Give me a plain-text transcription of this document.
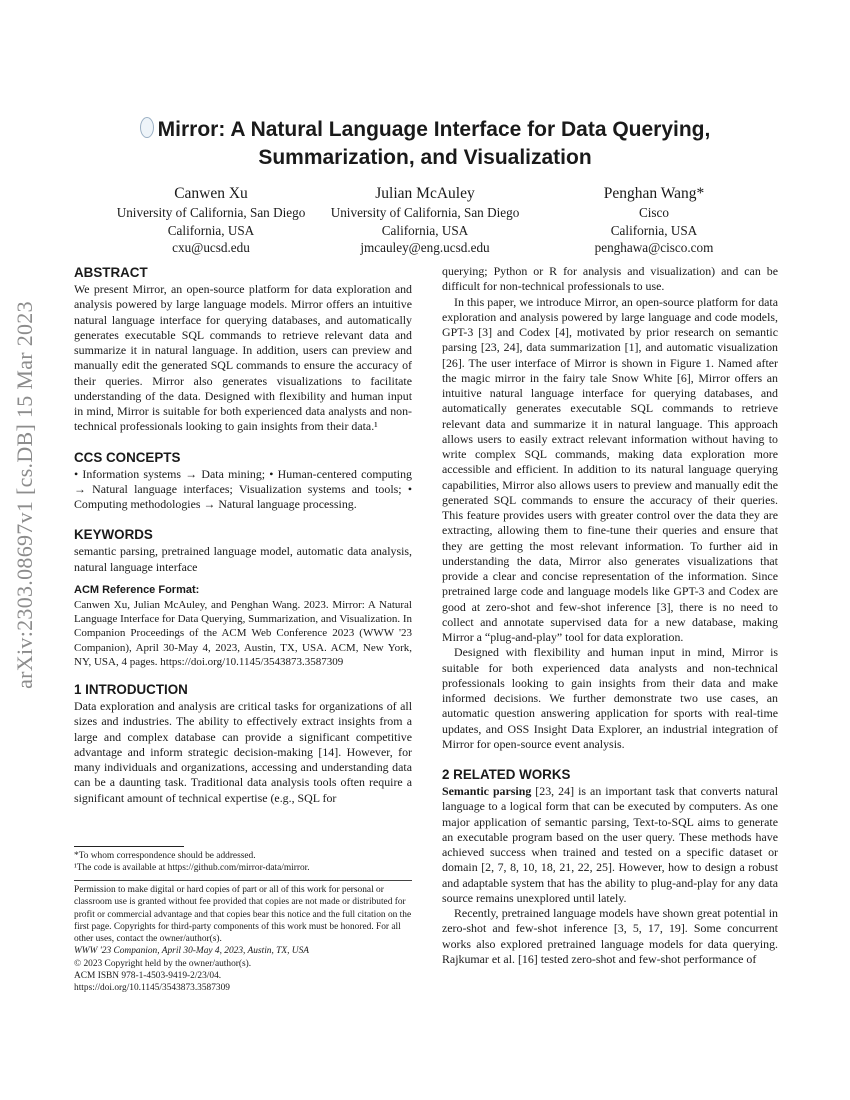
arXiv:2303.08697v1 [cs.DB] 15 Mar 2023
Mirror: A Natural Language Interface for Data Querying,
Summarization, and Visualization
Canwen Xu
University of California, San Diego
California, USA
cxu@ucsd.edu
Julian McAuley
University of California, San Diego
California, USA
jmcauley@eng.ucsd.edu
Penghan Wang*
Cisco
California, USA
penghawa@cisco.com
ABSTRACT

We present Mirror, an open-source platform for data exploration and analysis powered by large language models. Mirror offers an intuitive natural language interface for querying databases, and automatically generates executable SQL commands to retrieve relevant data and summarize it in natural language. In addition, users can preview and manually edit the generated SQL commands to ensure the accuracy of their queries. Mirror also generates visualizations to facilitate understanding of the data. Designed with flexibility and human input in mind, Mirror is suitable for both experienced data analysts and non-technical professionals looking to gain insights from their data.¹

CCS CONCEPTS

• Information systems → Data mining; • Human-centered computing → Natural language interfaces; Visualization systems and tools; • Computing methodologies → Natural language processing.

KEYWORDS

semantic parsing, pretrained language model, automatic data analysis, natural language interface

ACM Reference Format:

Canwen Xu, Julian McAuley, and Penghan Wang. 2023. Mirror: A Natural Language Interface for Data Querying, Summarization, and Visualization. In Companion Proceedings of the ACM Web Conference 2023 (WWW '23 Companion), April 30-May 4, 2023, Austin, TX, USA. ACM, New York, NY, USA, 4 pages. https://doi.org/10.1145/3543873.3587309

1 INTRODUCTION

Data exploration and analysis are critical tasks for organizations of all sizes and industries. The ability to effectively extract insights from a large and complex database can provide a significant competitive advantage and inform strategic decision-making [14]. However, for many individuals and organizations, accessing and understanding data can be a daunting task. Traditional data analysis tools often require a significant amount of technical expertise (e.g., SQL for

*To whom correspondence should be addressed.
¹The code is available at https://github.com/mirror-data/mirror.

Permission to make digital or hard copies of part or all of this work for personal or classroom use is granted without fee provided that copies are not made or distributed for profit or commercial advantage and that copies bear this notice and the full citation on the first page. Copyrights for third-party components of this work must be honored. For all other uses, contact the owner/author(s).

WWW '23 Companion, April 30-May 4, 2023, Austin, TX, USA

© 2023 Copyright held by the owner/author(s).

ACM ISBN 978-1-4503-9419-2/23/04.

https://doi.org/10.1145/3543873.3587309

querying; Python or R for analysis and visualization) and can be difficult for non-technical professionals to use.

In this paper, we introduce Mirror, an open-source platform for data exploration and analysis powered by large language and code models, GPT-3 [3] and Codex [4], motivated by prior research on semantic parsing [23, 24], data summarization [1], and automatic visualization [26]. The user interface of Mirror is shown in Figure 1. Named after the magic mirror in the fairy tale Snow White [6], Mirror offers an intuitive natural language interface for querying databases, and automatically generates executable SQL commands to retrieve relevant data and summarize it in natural language. This approach allows users to easily extract relevant information without having to write complex SQL commands, making data exploration more accessible and efficient. In addition to its natural language querying capabilities, Mirror also allows users to preview and manually edit the generated SQL commands to ensure the accuracy of their queries. This feature provides users with greater control over the data they are extracting, allowing them to fine-tune their queries and ensure that they are getting the most relevant information. To further aid in understanding the data, Mirror also generates visualizations that provide a clear and concise representation of the information. Since pretrained large code and language models like GPT-3 and Codex are good at zero-shot and few-shot inference [3], there is no need to collect and annotate supervised data for a new database, making Mirror a “plug-and-play” tool for data exploration.

Designed with flexibility and human input in mind, Mirror is suitable for both experienced data analysts and non-technical professionals looking to gain insights from their data and make informed decisions. We further demonstrate two use cases, an automatic question answering application for sports with real-time updates, and OSS Insight Data Explorer, an industrial integration of Mirror for open-source event analysis.

2 RELATED WORKS

Semantic parsing [23, 24] is an important task that converts natural language to a logical form that can be executed by computers. As one major application of semantic parsing, Text-to-SQL aims to generate an executable program based on the user query. These methods have achieved success when trained and tested on a specific dataset or domain [2, 7, 8, 10, 18, 21, 22, 25]. However, how to design a robust and adaptable system that has the ability to plug-and-play for any data source remains unexplored until lately.

Recently, pretrained language models have shown great potential in zero-shot and few-shot inference [3, 5, 17, 19]. Some concurrent works also explored pretrained language models for data querying. Rajkumar et al. [16] tested zero-shot and few-shot performance of
